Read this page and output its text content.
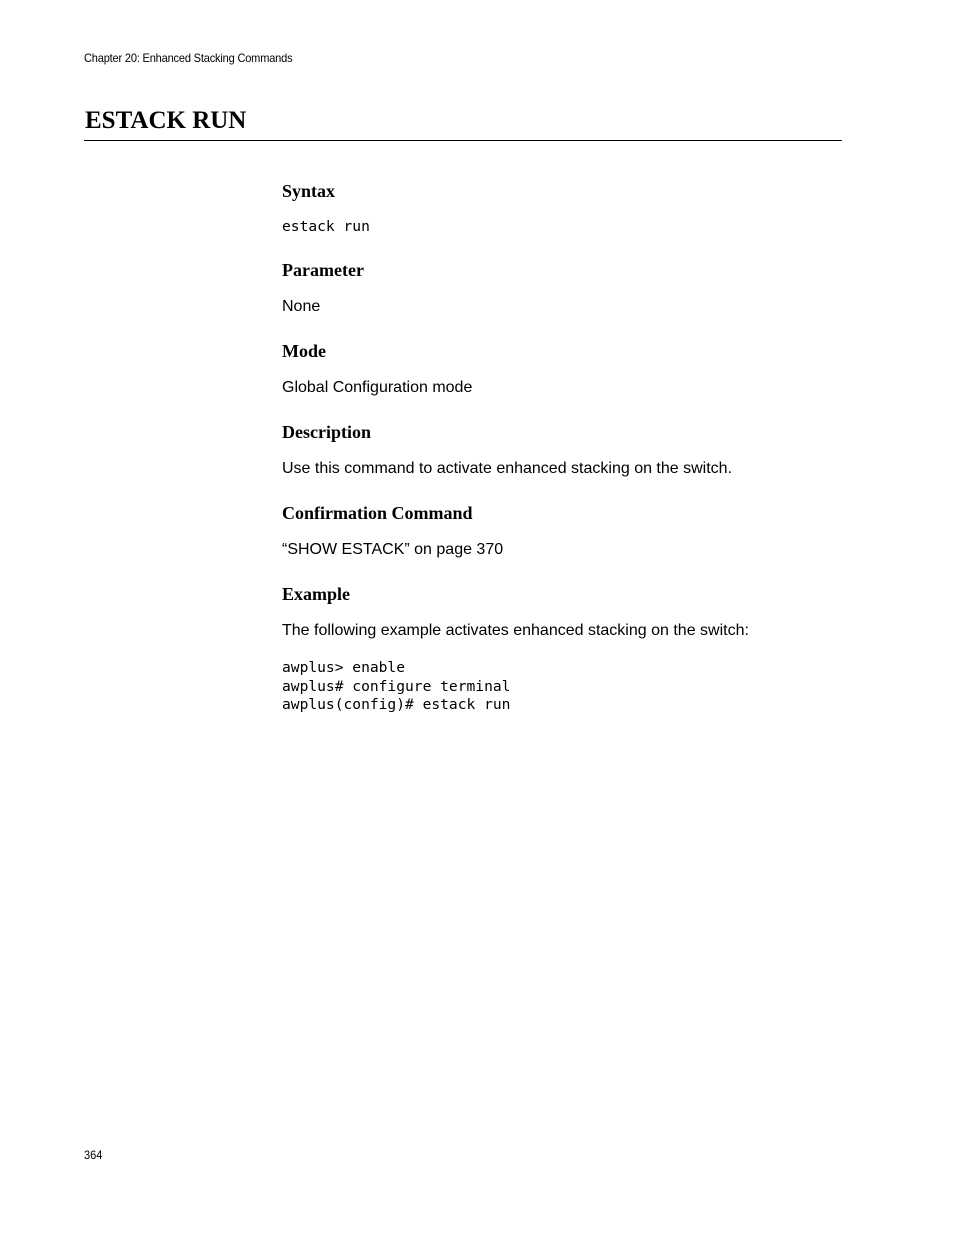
Chapter 20: Enhanced Stacking Commands
ESTACK RUN
Syntax
estack run
Parameter

None

Mode

Global Configuration mode

Description

Use this command to activate enhanced stacking on the switch.

Confirmation Command

“SHOW ESTACK” on page 370

Example

The following example activates enhanced stacking on the switch:

awplus> enable
awplus# configure terminal
awplus(config)# estack run
364
